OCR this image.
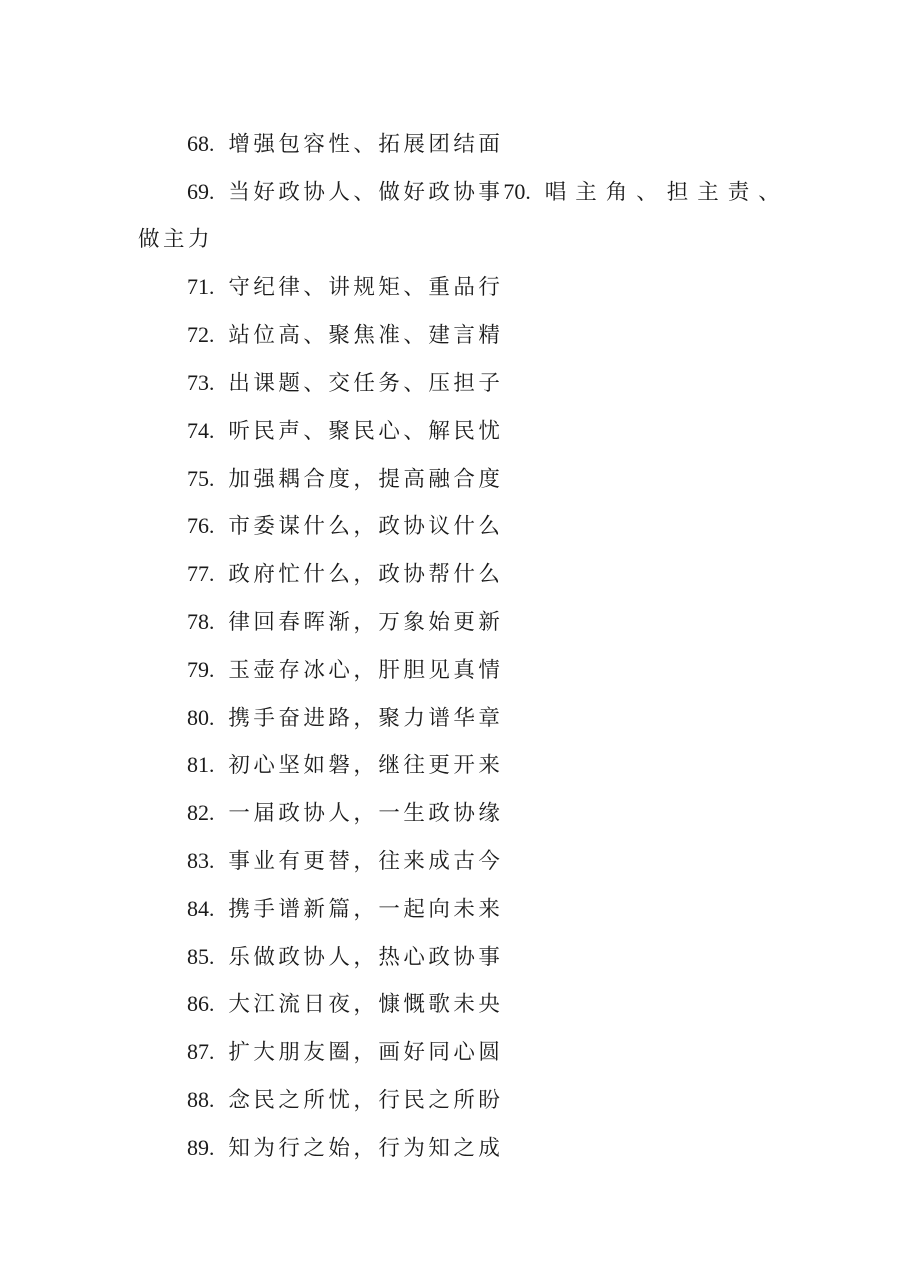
68. 增强包容性、拓展团结面
69. 当好政协人、做好政协事70. 唱主角、担主责、
做主力
71. 守纪律、讲规矩、重品行
72. 站位高、聚焦准、建言精
73. 出课题、交任务、压担子
74. 听民声、聚民心、解民忧
75. 加强耦合度，提高融合度
76. 市委谋什么，政协议什么
77. 政府忙什么，政协帮什么
78. 律回春晖渐，万象始更新
79. 玉壶存冰心，肝胆见真情
80. 携手奋进路，聚力谱华章
81. 初心坚如磐，继往更开来
82. 一届政协人，一生政协缘
83. 事业有更替，往来成古今
84. 携手谱新篇，一起向未来
85. 乐做政协人，热心政协事
86. 大江流日夜，慷慨歌未央
87. 扩大朋友圈，画好同心圆
88. 念民之所忧，行民之所盼
89. 知为行之始，行为知之成
